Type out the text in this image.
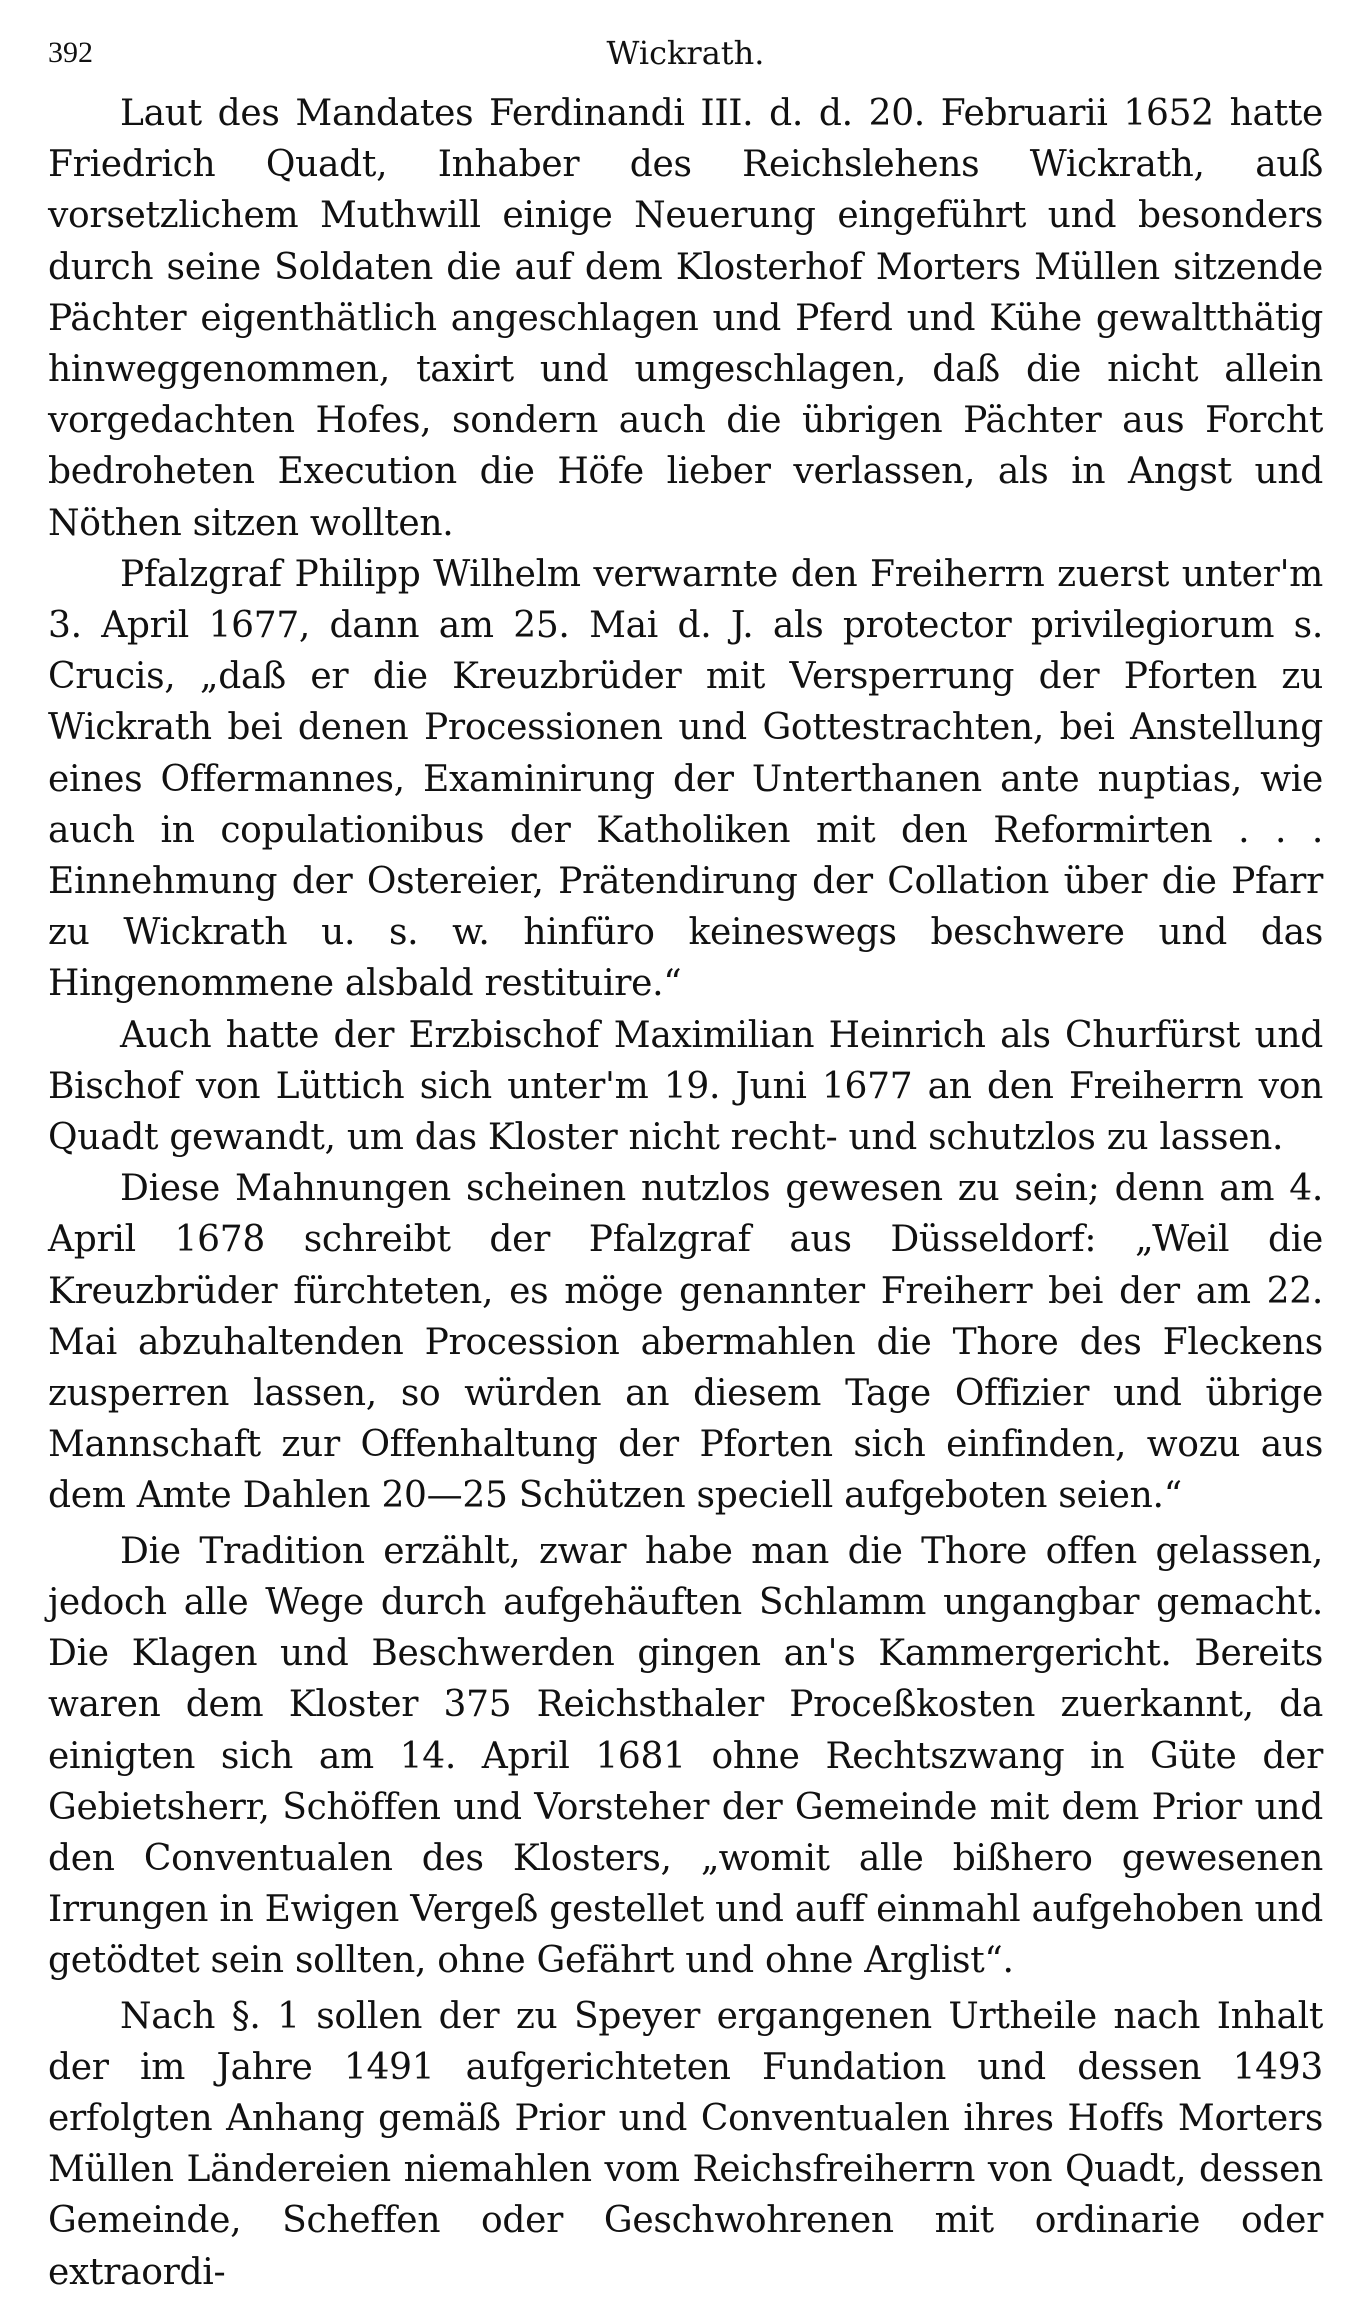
392	Wickrath.

Laut des Mandates Ferdinandi III. d. d. 20. Februarii 1652 hatte Friedrich Quadt, Inhaber des Reichslehens Wickrath, auß vorsetzlichem Muthwill einige Neuerung eingeführt und besonders durch seine Soldaten die auf dem Klosterhof Morters Müllen sitzende Pächter eigenthätlich angeschlagen und Pferd und Kühe gewaltthätig hinweggenommen, taxirt und umgeschlagen, daß die nicht allein vorgedachten Hofes, sondern auch die übrigen Pächter aus Forcht bedroheten Execution die Höfe lieber verlassen, als in Angst und Nöthen sitzen wollten.

Pfalzgraf Philipp Wilhelm verwarnte den Freiherrn zuerst unter'm 3. April 1677, dann am 25. Mai d. J. als protector privilegiorum s. Crucis, „daß er die Kreuzbrüder mit Versperrung der Pforten zu Wickrath bei denen Processionen und Gottestrachten, bei Anstellung eines Offermannes, Examinirung der Unterthanen ante nuptias, wie auch in copulationibus der Katholiken mit den Reformirten . . . Einnehmung der Ostereier, Prätendirung der Collation über die Pfarr zu Wickrath u. s. w. hinfüro keineswegs beschwere und das Hingenommene alsbald restituire.“

Auch hatte der Erzbischof Maximilian Heinrich als Churfürst und Bischof von Lüttich sich unter'm 19. Juni 1677 an den Freiherrn von Quadt gewandt, um das Kloster nicht recht- und schutzlos zu lassen.

Diese Mahnungen scheinen nutzlos gewesen zu sein; denn am 4. April 1678 schreibt der Pfalzgraf aus Düsseldorf: „Weil die Kreuzbrüder fürchteten, es möge genannter Freiherr bei der am 22. Mai abzuhaltenden Procession abermahlen die Thore des Fleckens zusperren lassen, so würden an diesem Tage Offizier und übrige Mannschaft zur Offenhaltung der Pforten sich einfinden, wozu aus dem Amte Dahlen 20—25 Schützen speciell aufgeboten seien.“

Die Tradition erzählt, zwar habe man die Thore offen gelassen, jedoch alle Wege durch aufgehäuften Schlamm ungangbar gemacht. Die Klagen und Beschwerden gingen an's Kammergericht. Bereits waren dem Kloster 375 Reichsthaler Proceßkosten zuerkannt, da einigten sich am 14. April 1681 ohne Rechtszwang in Güte der Gebietsherr, Schöffen und Vorsteher der Gemeinde mit dem Prior und den Conventualen des Klosters, „womit alle bißhero gewesenen Irrungen in Ewigen Vergeß gestellet und auff einmahl aufgehoben und getödtet sein sollten, ohne Gefährt und ohne Arglist“.

Nach §. 1 sollen der zu Speyer ergangenen Urtheile nach Inhalt der im Jahre 1491 aufgerichteten Fundation und dessen 1493 erfolgten Anhang gemäß Prior und Conventualen ihres Hoffs Morters Müllen Ländereien niemahlen vom Reichsfreiherrn von Quadt, dessen Gemeinde, Scheffen oder Geschwohrenen mit ordinarie oder extraordi-
